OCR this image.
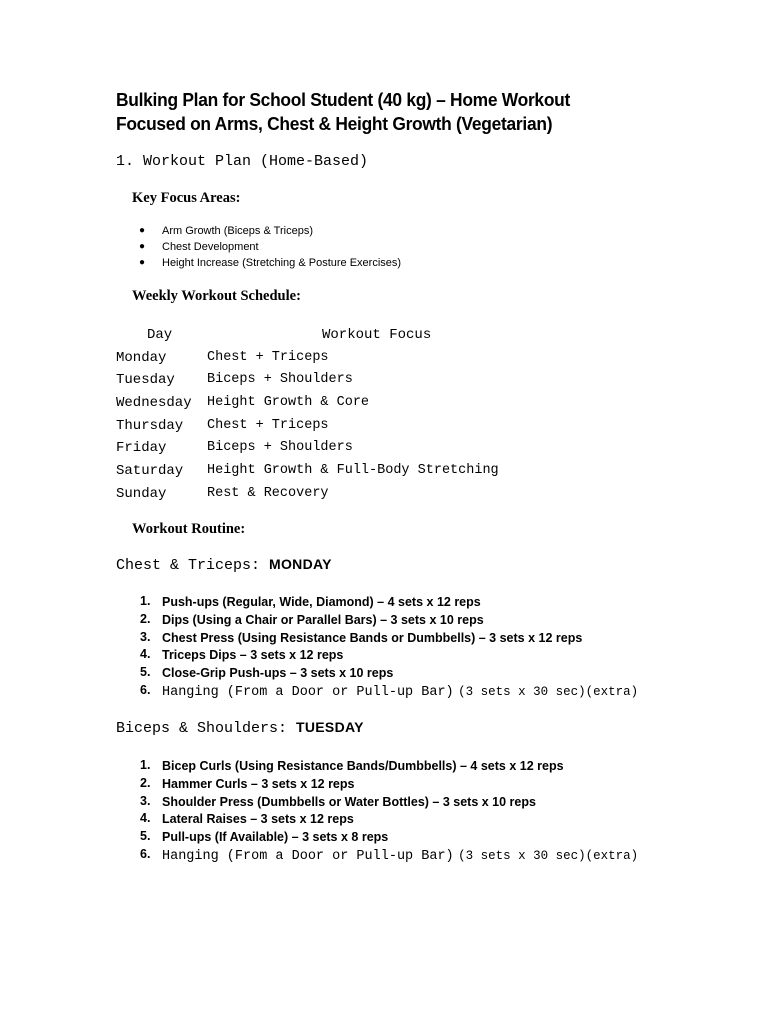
Bulking Plan for School Student (40 kg) – Home Workout
Focused on Arms, Chest & Height Growth (Vegetarian)
1. Workout Plan (Home-Based)
Key Focus Areas:
● Arm Growth (Biceps & Triceps)
● Chest Development
● Height Increase (Stretching & Posture Exercises)
Weekly Workout Schedule:
Day	Workout Focus
Monday	Chest + Triceps
Tuesday Biceps + Shoulders
Wednesday Height Growth & Core
Thursday Chest + Triceps
Friday	Biceps + Shoulders
Saturday Height Growth & Full-Body Stretching
Sunday	Rest & Recovery
Workout Routine:
Chest & Triceps: MONDAY
1. Push-ups (Regular, Wide, Diamond) – 4 sets x 12 reps
2. Dips (Using a Chair or Parallel Bars) – 3 sets x 10 reps
3. Chest Press (Using Resistance Bands or Dumbbells) – 3 sets x 12 reps
4. Triceps Dips – 3 sets x 12 reps
5. Close-Grip Push-ups – 3 sets x 10 reps
6. Hanging (From a Door or Pull-up Bar) (3 sets x 30 sec)(extra)
Biceps & Shoulders: TUESDAY
1. Bicep Curls (Using Resistance Bands/Dumbbells) – 4 sets x 12 reps
2. Hammer Curls – 3 sets x 12 reps
3. Shoulder Press (Dumbbells or Water Bottles) – 3 sets x 10 reps
4. Lateral Raises – 3 sets x 12 reps
5. Pull-ups (If Available) – 3 sets x 8 reps
6. Hanging (From a Door or Pull-up Bar) (3 sets x 30 sec)(extra)
